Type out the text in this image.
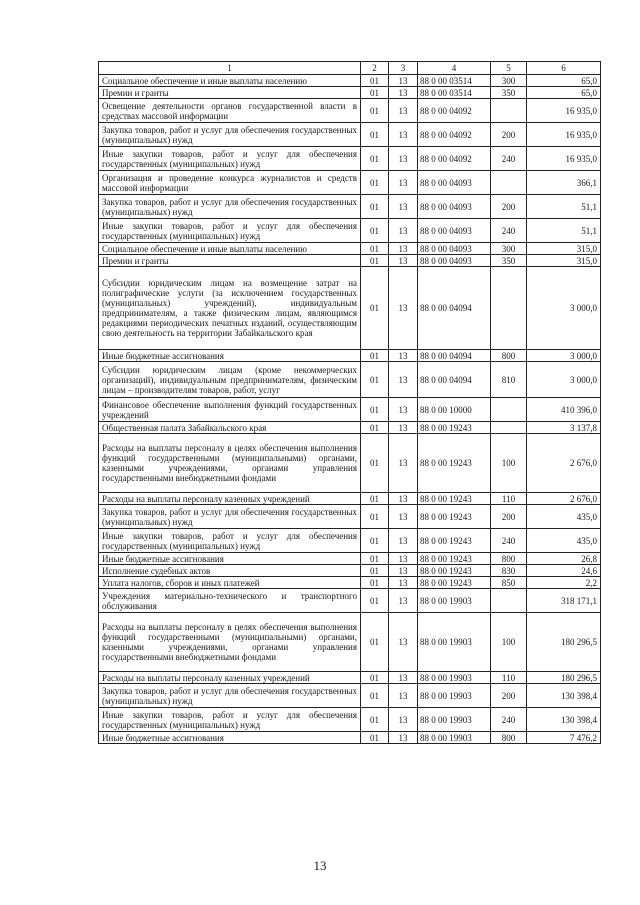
1	2	3	4	5	6
Социальное обеспечение и иные выплаты населению	01	13	88 0 00 03514	300	65,0
Премии и гранты	01	13	88 0 00 03514	350	65,0
Освещение деятельности органов государственной власти в средствах массовой информации	01	13	88 0 00 04092		16 935,0
Закупка товаров, работ и услуг для обеспечения государственных (муниципальных) нужд	01	13	88 0 00 04092	200	16 935,0
Иные закупки товаров, работ и услуг для обеспечения государственных (муниципальных) нужд	01	13	88 0 00 04092	240	16 935,0
Организация и проведение конкурса журналистов и средств массовой информации	01	13	88 0 00 04093		366,1
Закупка товаров, работ и услуг для обеспечения государственных (муниципальных) нужд	01	13	88 0 00 04093	200	51,1
Иные закупки товаров, работ и услуг для обеспечения государственных (муниципальных) нужд	01	13	88 0 00 04093	240	51,1
Социальное обеспечение и иные выплаты населению	01	13	88 0 00 04093	300	315,0
Премии и гранты	01	13	88 0 00 04093	350	315,0
Субсидии юридическим лицам на возмещение затрат на полиграфические услуги (за исключением государственных (муниципальных) учреждений), индивидуальным предпринимателям, а также физическим лицам, являющимся редакциями периодических печатных изданий, осуществляющим свою деятельность на территории Забайкальского края	01	13	88 0 00 04094		3 000,0
Иные бюджетные ассигнования	01	13	88 0 00 04094	800	3 000,0
Субсидии юридическим лицам (кроме некоммерческих организаций), индивидуальным предпринимателям, физическим лицам – производителям товаров, работ, услуг	01	13	88 0 00 04094	810	3 000,0
Финансовое обеспечение выполнения функций государственных учреждений	01	13	88 0 00 10000		410 396,0
Общественная палата Забайкальского края	01	13	88 0 00 19243		3 137,8
Расходы на выплаты персоналу в целях обеспечения выполнения функций государственными (муниципальными) органами, казенными учреждениями, органами управления государственными внебюджетными фондами	01	13	88 0 00 19243	100	2 676,0
Расходы на выплаты персоналу казенных учреждений	01	13	88 0 00 19243	110	2 676,0
Закупка товаров, работ и услуг для обеспечения государственных (муниципальных) нужд	01	13	88 0 00 19243	200	435,0
Иные закупки товаров, работ и услуг для обеспечения государственных (муниципальных) нужд	01	13	88 0 00 19243	240	435,0
Иные бюджетные ассигнования	01	13	88 0 00 19243	800	26,8
Исполнение судебных актов	01	13	88 0 00 19243	830	24,6
Уплата налогов, сборов и иных платежей	01	13	88 0 00 19243	850	2,2
Учреждения материально-технического и транспортного обслуживания	01	13	88 0 00 19903		318 171,1
Расходы на выплаты персоналу в целях обеспечения выполнения функций государственными (муниципальными) органами, казенными учреждениями, органами управления государственными внебюджетными фондами	01	13	88 0 00 19903	100	180 296,5
Расходы на выплаты персоналу казенных учреждений	01	13	88 0 00 19903	110	180 296,5
Закупка товаров, работ и услуг для обеспечения государственных (муниципальных) нужд	01	13	88 0 00 19903	200	130 398,4
Иные закупки товаров, работ и услуг для обеспечения государственных (муниципальных) нужд	01	13	88 0 00 19903	240	130 398,4
Иные бюджетные ассигнования	01	13	88 0 00 19903	800	7 476,2
13
